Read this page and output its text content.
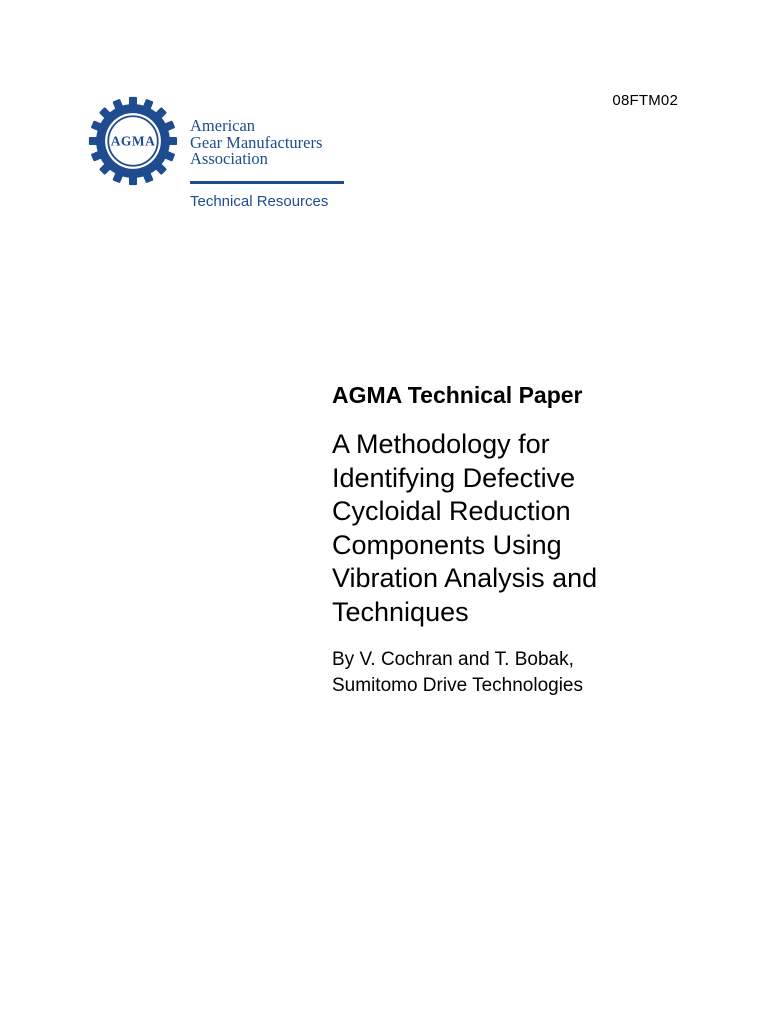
08FTM02
AGMA
American
Gear Manufacturers
Association
Technical Resources
AGMA Technical Paper
A Methodology for
Identifying Defective
Cycloidal Reduction
Components Using
Vibration Analysis and
Techniques
By V. Cochran and T. Bobak,
Sumitomo Drive Technologies
